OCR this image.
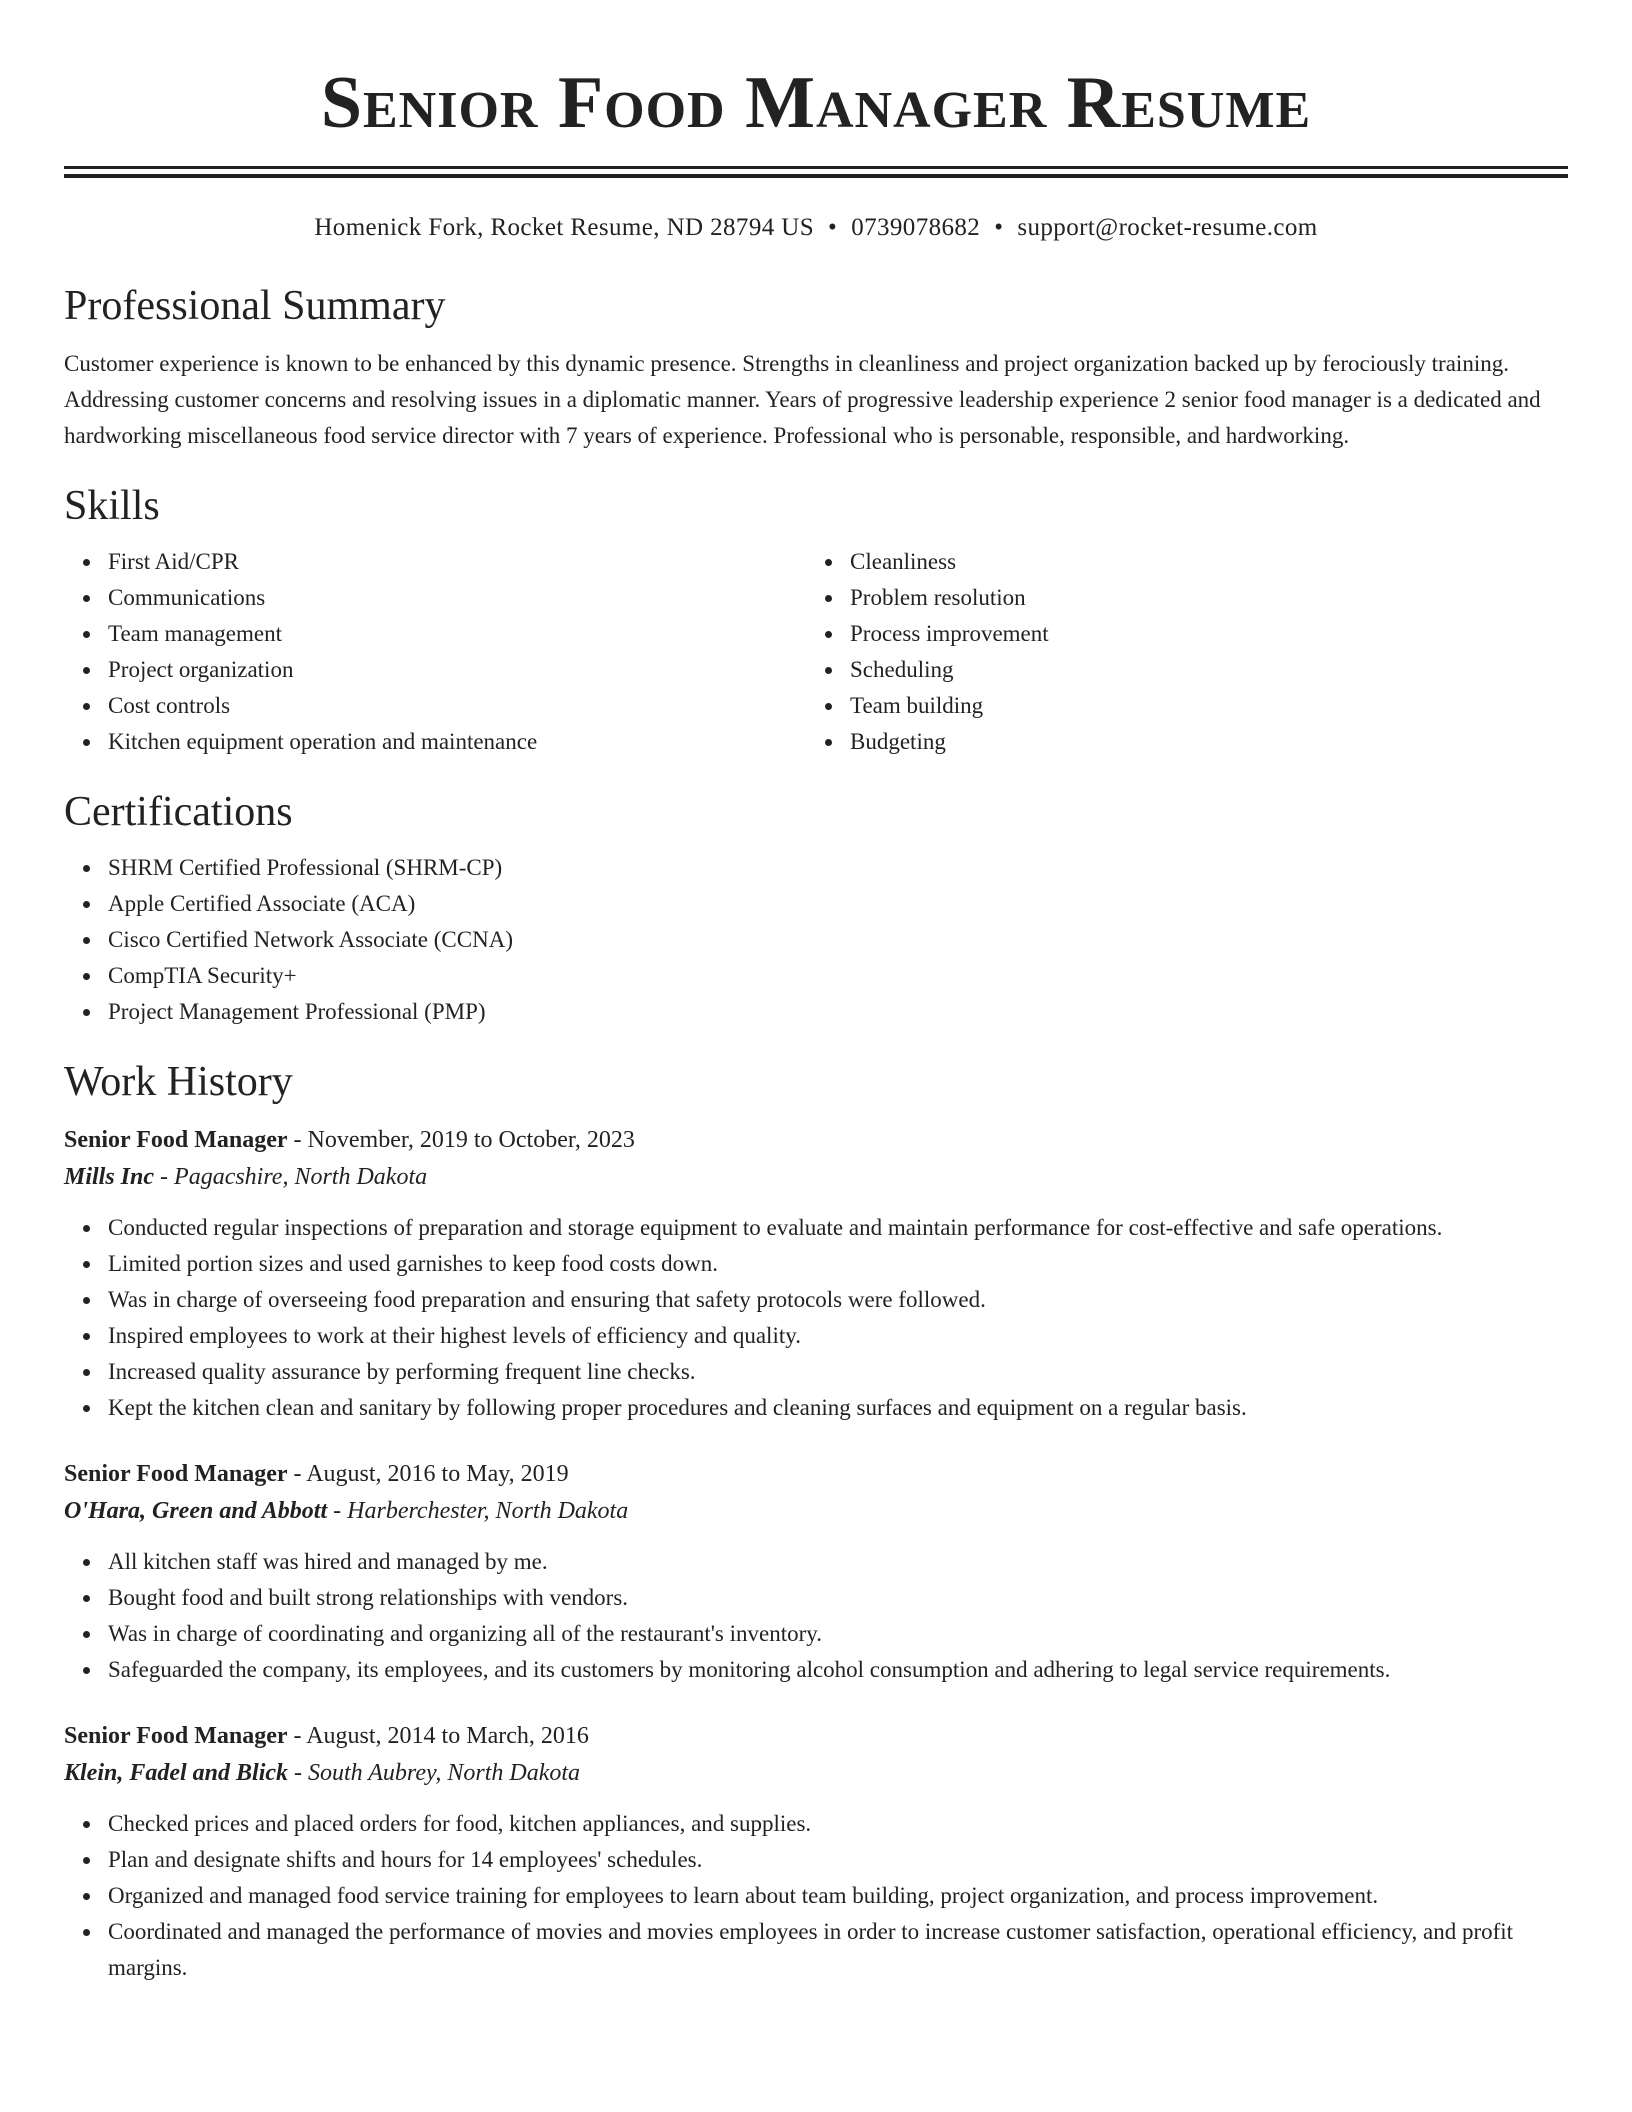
Senior Food Manager Resume
Homenick Fork, Rocket Resume, ND 28794 US • 0739078682 • support@rocket-resume.com
Professional Summary

Customer experience is known to be enhanced by this dynamic presence. Strengths in cleanliness and project organization backed up by ferociously training. Addressing customer concerns and resolving issues in a diplomatic manner. Years of progressive leadership experience 2 senior food manager is a dedicated and hardworking miscellaneous food service director with 7 years of experience. Professional who is personable, responsible, and hardworking.

Skills
First Aid/CPR
Communications
Team management
Project organization
Cost controls
Kitchen equipment operation and maintenance
Cleanliness
Problem resolution
Process improvement
Scheduling
Team building
Budgeting
Certifications
SHRM Certified Professional (SHRM-CP)
Apple Certified Associate (ACA)
Cisco Certified Network Associate (CCNA)
CompTIA Security+
Project Management Professional (PMP)
Work History
Senior Food Manager - November, 2019 to October, 2023
Mills Inc - Pagacshire, North Dakota
Conducted regular inspections of preparation and storage equipment to evaluate and maintain performance for cost-effective and safe operations.
Limited portion sizes and used garnishes to keep food costs down.
Was in charge of overseeing food preparation and ensuring that safety protocols were followed.
Inspired employees to work at their highest levels of efficiency and quality.
Increased quality assurance by performing frequent line checks.
Kept the kitchen clean and sanitary by following proper procedures and cleaning surfaces and equipment on a regular basis.
Senior Food Manager - August, 2016 to May, 2019
O'Hara, Green and Abbott - Harberchester, North Dakota
All kitchen staff was hired and managed by me.
Bought food and built strong relationships with vendors.
Was in charge of coordinating and organizing all of the restaurant's inventory.
Safeguarded the company, its employees, and its customers by monitoring alcohol consumption and adhering to legal service requirements.
Senior Food Manager - August, 2014 to March, 2016
Klein, Fadel and Blick - South Aubrey, North Dakota
Checked prices and placed orders for food, kitchen appliances, and supplies.
Plan and designate shifts and hours for 14 employees' schedules.
Organized and managed food service training for employees to learn about team building, project organization, and process improvement.
Coordinated and managed the performance of movies and movies employees in order to increase customer satisfaction, operational efficiency, and profit margins.
